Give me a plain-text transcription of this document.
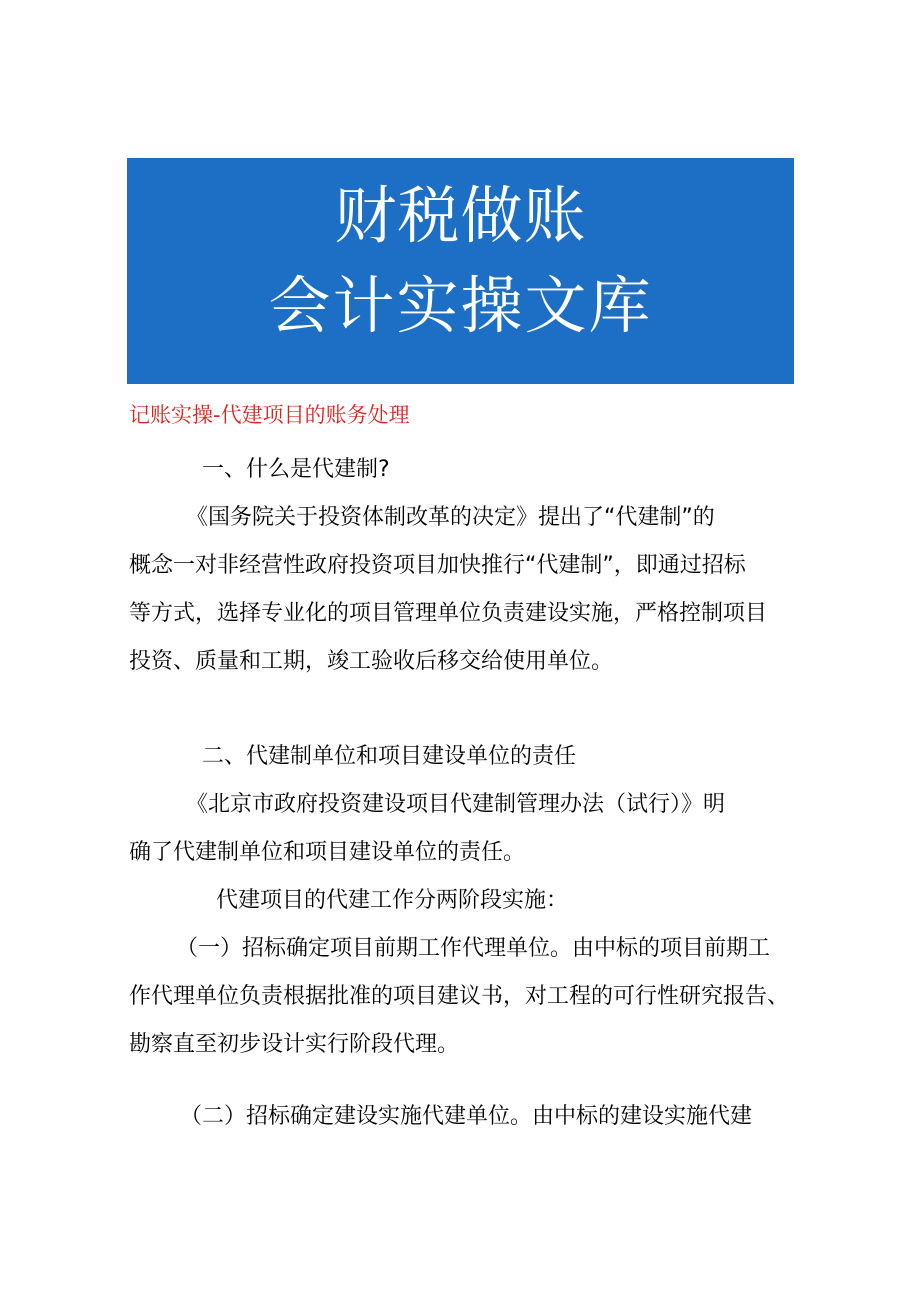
财税做账
会计实操文库
记账实操-代建项目的账务处理
一、什么是代建制?
《国务院关于投资体制改革的决定》提出了“代建制”的
概念一对非经营性政府投资项目加快推行“代建制”，即通过招标
等方式，选择专业化的项目管理单位负责建设实施，严格控制项目
投资、质量和工期，竣工验收后移交给使用单位。
二、代建制单位和项目建设单位的责任
《北京市政府投资建设项目代建制管理办法（试行）》明
确了代建制单位和项目建设单位的责任。
代建项目的代建工作分两阶段实施：
（一）招标确定项目前期工作代理单位。由中标的项目前期工
作代理单位负责根据批准的项目建议书，对工程的可行性研究报告、
勘察直至初步设计实行阶段代理。
（二）招标确定建设实施代建单位。由中标的建设实施代建
